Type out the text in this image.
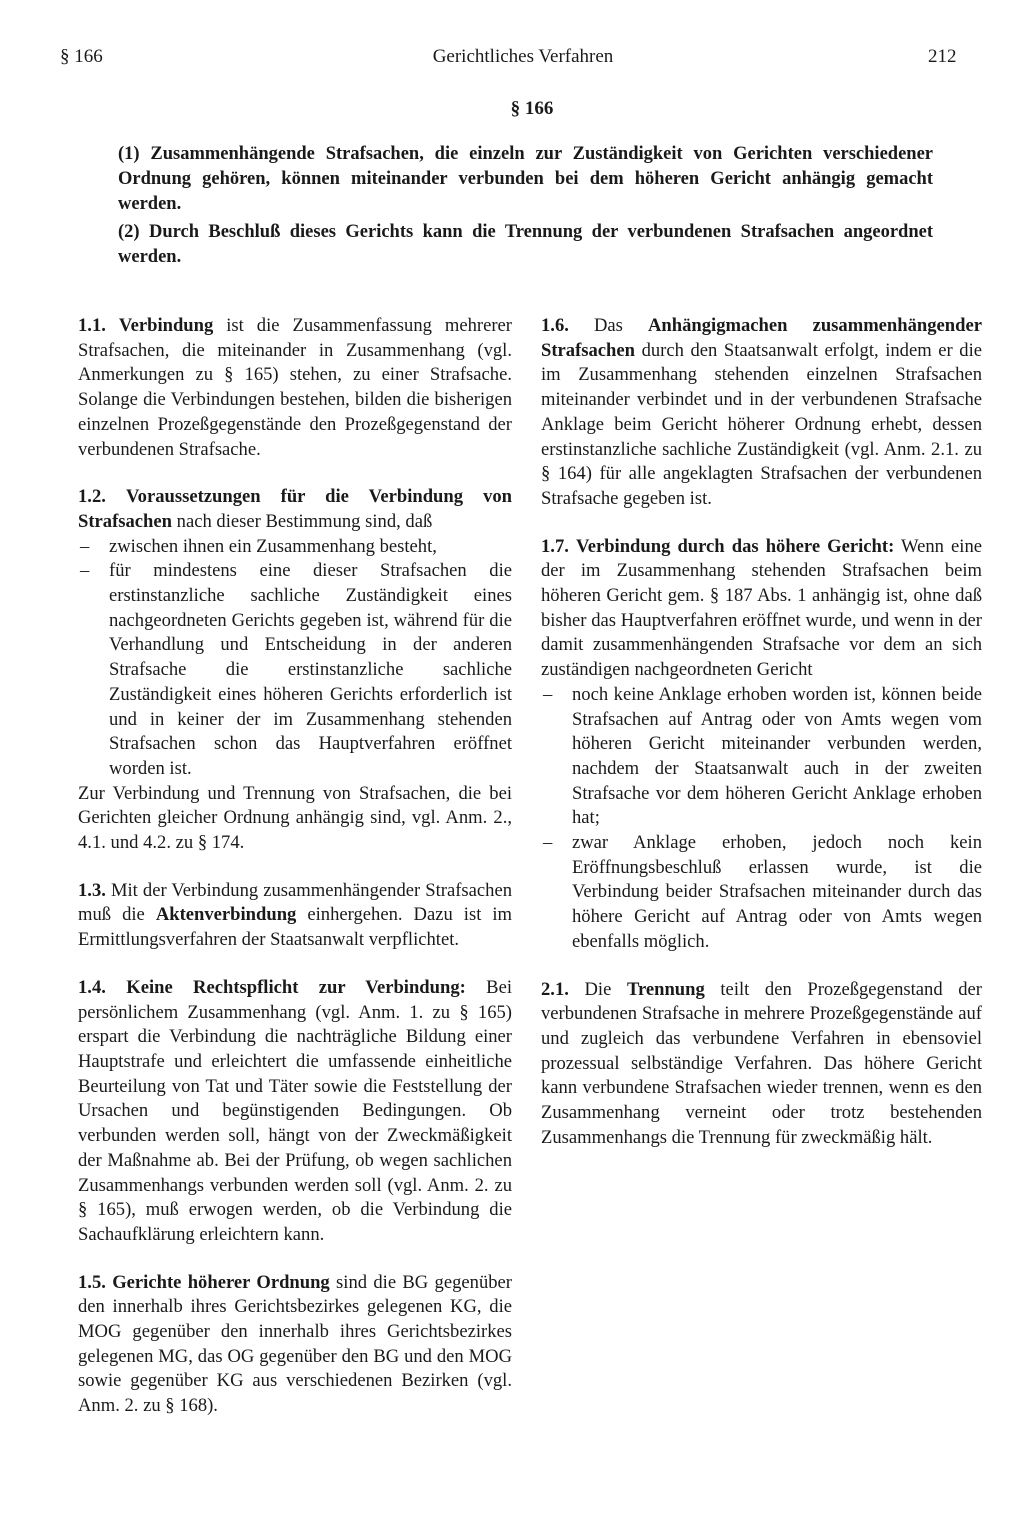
§ 166	Gerichtliches Verfahren	212
§ 166

(1) Zusammenhängende Strafsachen, die einzeln zur Zuständigkeit von Gerichten verschiedener Ordnung gehören, können miteinander verbunden bei dem höheren Gericht anhängig gemacht werden.

(2) Durch Beschluß dieses Gerichts kann die Trennung der verbundenen Strafsachen angeordnet werden.

1.1. Verbindung ist die Zusammenfassung mehrerer Strafsachen, die miteinander in Zusammenhang (vgl. Anmerkungen zu § 165) stehen, zu einer Strafsache. Solange die Verbindungen bestehen, bilden die bisherigen einzelnen Prozeßgegenstände den Prozeßgegenstand der verbundenen Strafsache.

1.2. Voraussetzungen für die Verbindung von Strafsachen nach dieser Bestimmung sind, daß

– zwischen ihnen ein Zusammenhang besteht,
– für mindestens eine dieser Strafsachen die erstinstanzliche sachliche Zuständigkeit eines nachgeordneten Gerichts gegeben ist, während für die Verhandlung und Entscheidung in der anderen Strafsache die erstinstanzliche sachliche Zuständigkeit eines höheren Gerichts erforderlich ist und in keiner der im Zusammenhang stehenden Strafsachen schon das Hauptverfahren eröffnet worden ist.

Zur Verbindung und Trennung von Strafsachen, die bei Gerichten gleicher Ordnung anhängig sind, vgl. Anm. 2., 4.1. und 4.2. zu § 174.

1.3. Mit der Verbindung zusammenhängender Strafsachen muß die Aktenverbindung einhergehen. Dazu ist im Ermittlungsverfahren der Staatsanwalt verpflichtet.

1.4. Keine Rechtspflicht zur Verbindung: Bei persönlichem Zusammenhang (vgl. Anm. 1. zu § 165) erspart die Verbindung die nachträgliche Bildung einer Hauptstrafe und erleichtert die umfassende einheitliche Beurteilung von Tat und Täter sowie die Feststellung der Ursachen und begünstigenden Bedingungen. Ob verbunden werden soll, hängt von der Zweckmäßigkeit der Maßnahme ab. Bei der Prüfung, ob wegen sachlichen Zusammenhangs verbunden werden soll (vgl. Anm. 2. zu § 165), muß erwogen werden, ob die Verbindung die Sachaufklärung erleichtern kann.

1.5. Gerichte höherer Ordnung sind die BG gegenüber den innerhalb ihres Gerichtsbezirkes gelegenen KG, die MOG gegenüber den innerhalb ihres Gerichtsbezirkes gelegenen MG, das OG gegenüber den BG und den MOG sowie gegenüber KG aus verschiedenen Bezirken (vgl. Anm. 2. zu § 168).

1.6. Das Anhängigmachen zusammenhängender Strafsachen durch den Staatsanwalt erfolgt, indem er die im Zusammenhang stehenden einzelnen Strafsachen miteinander verbindet und in der verbundenen Strafsache Anklage beim Gericht höherer Ordnung erhebt, dessen erstinstanzliche sachliche Zuständigkeit (vgl. Anm. 2.1. zu § 164) für alle angeklagten Strafsachen der verbundenen Strafsache gegeben ist.

1.7. Verbindung durch das höhere Gericht: Wenn eine der im Zusammenhang stehenden Strafsachen beim höheren Gericht gem. § 187 Abs. 1 anhängig ist, ohne daß bisher das Hauptverfahren eröffnet wurde, und wenn in der damit zusammenhängenden Strafsache vor dem an sich zuständigen nachgeordneten Gericht

– noch keine Anklage erhoben worden ist, können beide Strafsachen auf Antrag oder von Amts wegen vom höheren Gericht miteinander verbunden werden, nachdem der Staatsanwalt auch in der zweiten Strafsache vor dem höheren Gericht Anklage erhoben hat;
– zwar Anklage erhoben, jedoch noch kein Eröffnungsbeschluß erlassen wurde, ist die Verbindung beider Strafsachen miteinander durch das höhere Gericht auf Antrag oder von Amts wegen ebenfalls möglich.

2.1. Die Trennung teilt den Prozeßgegenstand der verbundenen Strafsache in mehrere Prozeßgegenstände auf und zugleich das verbundene Verfahren in ebensoviel prozessual selbständige Verfahren. Das höhere Gericht kann verbundene Strafsachen wieder trennen, wenn es den Zusammenhang verneint oder trotz bestehenden Zusammenhangs die Trennung für zweckmäßig hält.
